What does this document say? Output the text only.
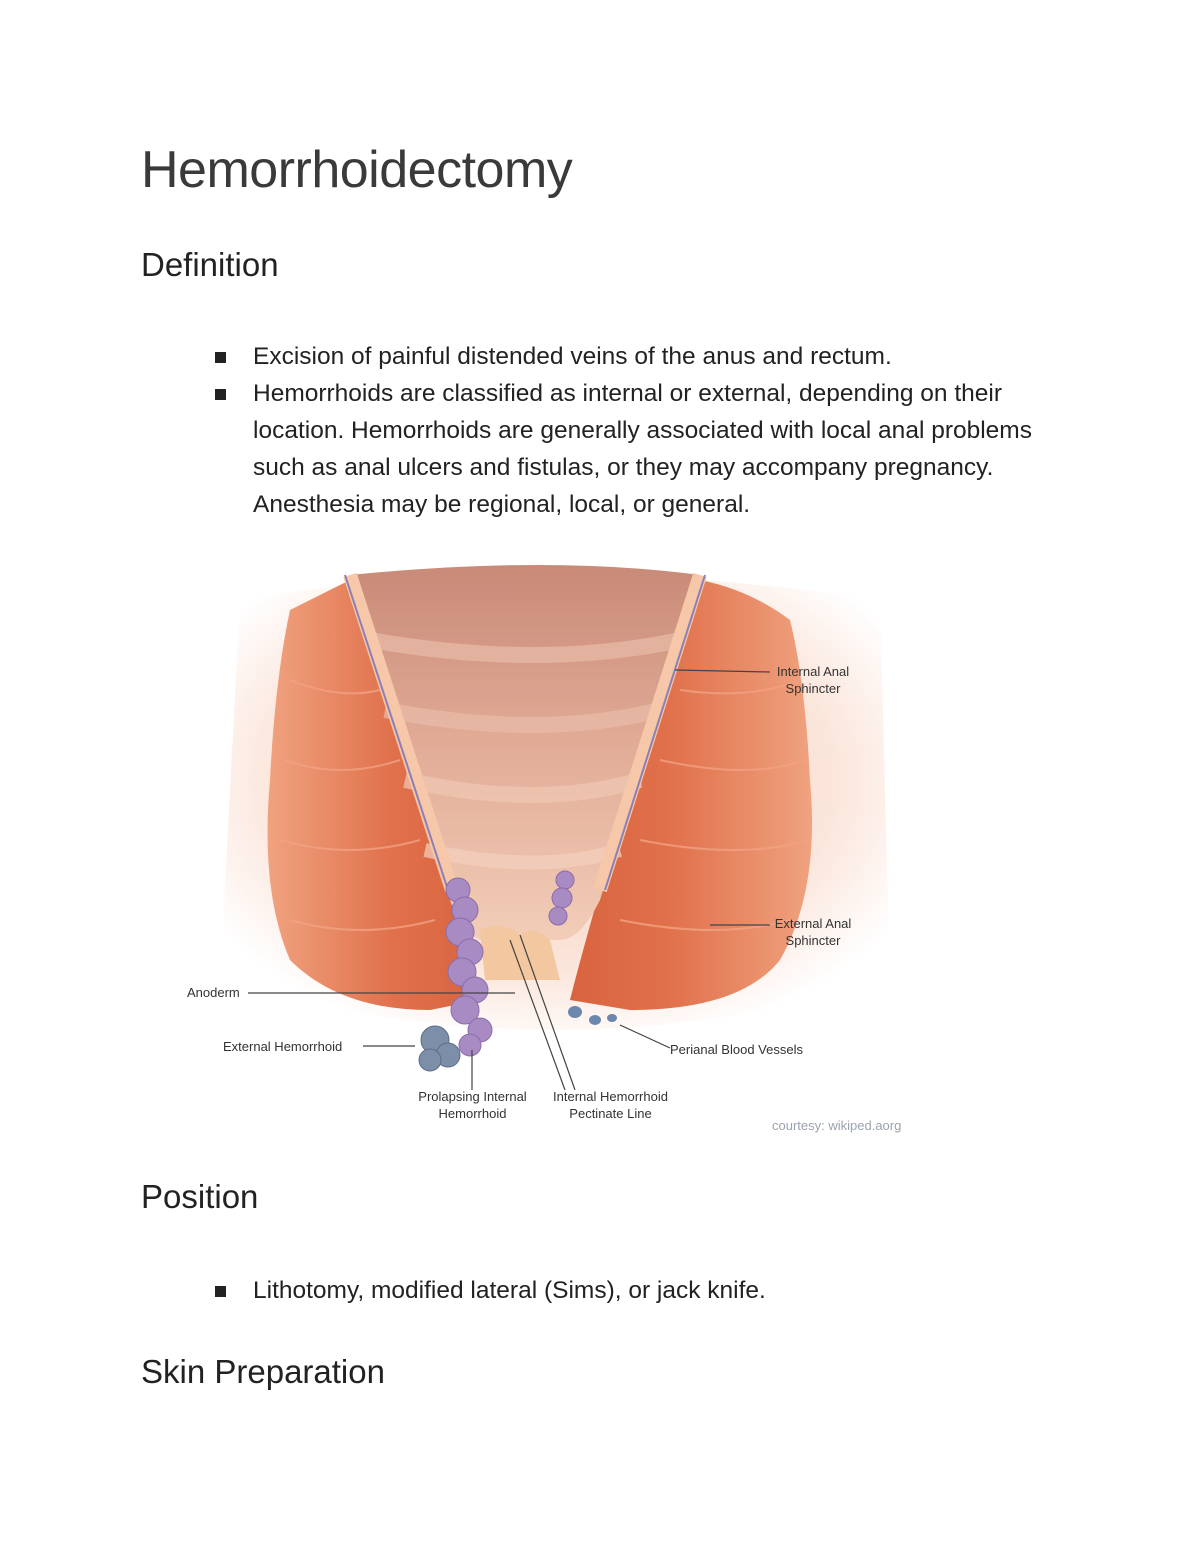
Hemorrhoidectomy
Definition
Excision of painful distended veins of the anus and rectum.
Hemorrhoids are classified as internal or external, depending on their location. Hemorrhoids are generally associated with local anal problems such as anal ulcers and fistulas, or they may accompany pregnancy. Anesthesia may be regional, local, or general.
Internal Anal Sphincter
External Anal Sphincter
Anoderm
External Hemorrhoid	Perianal Blood Vessels
Prolapsing Internal Hemorrhoid
Internal Hemorrhoid Pectinate Line
courtesy: wikiped.aorg
Position
Lithotomy, modified lateral (Sims), or jack knife.
Skin Preparation
